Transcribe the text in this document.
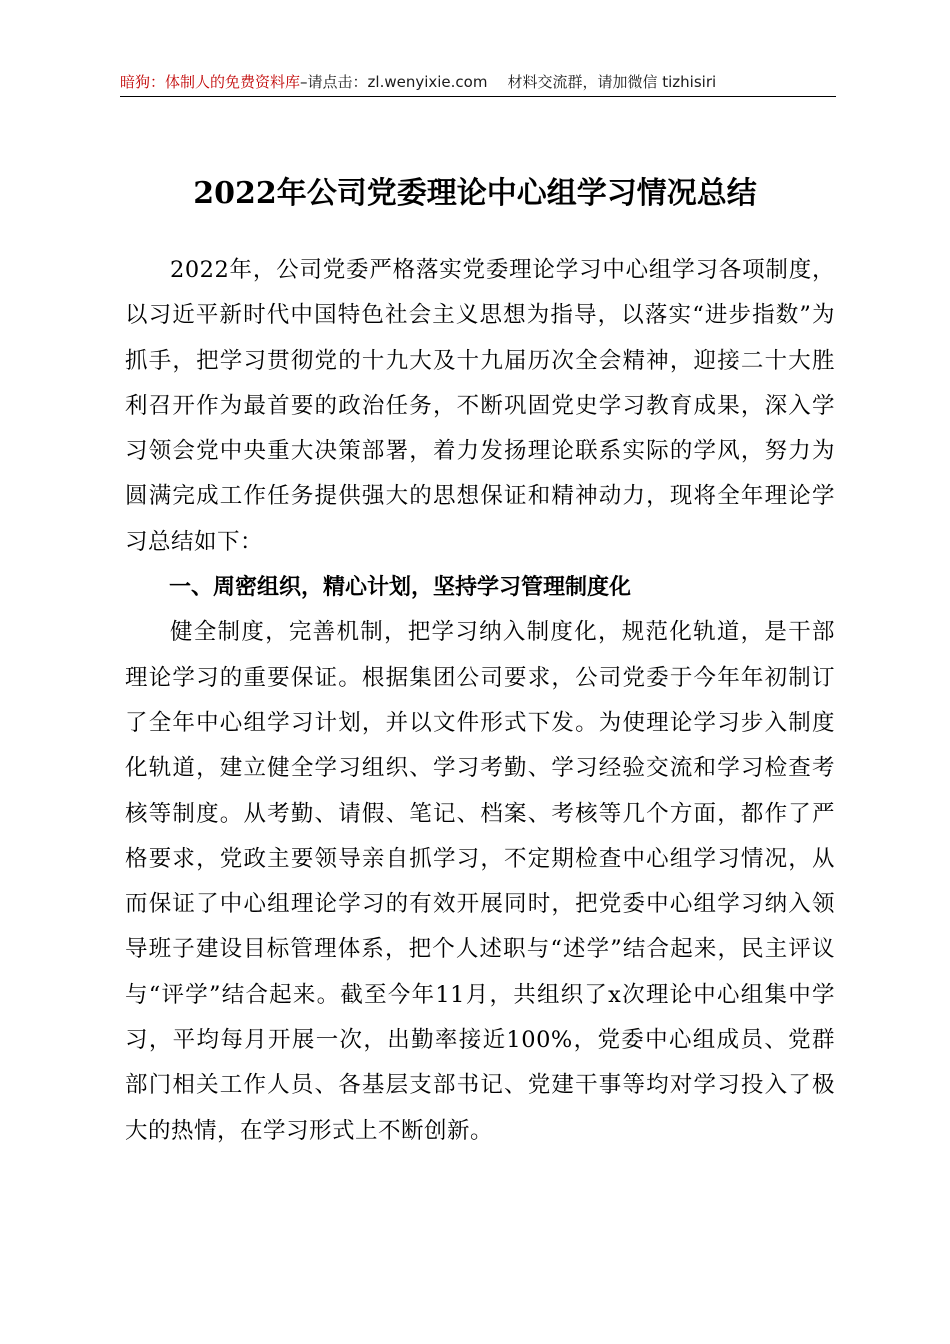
暗狗：体制人的免费资料库–请点击：zl.wenyixie.com 材料交流群，请加微信 tizhisiri
2022年公司党委理论中心组学习情况总结

2022年，公司党委严格落实党委理论学习中心组学习各项制度，以习近平新时代中国特色社会主义思想为指导，以落实“进步指数”为抓手，把学习贯彻党的十九大及十九届历次全会精神，迎接二十大胜利召开作为最首要的政治任务，不断巩固党史学习教育成果，深入学习领会党中央重大决策部署，着力发扬理论联系实际的学风，努力为圆满完成工作任务提供强大的思想保证和精神动力，现将全年理论学习总结如下：

一、周密组织，精心计划，坚持学习管理制度化

健全制度，完善机制，把学习纳入制度化，规范化轨道，是干部理论学习的重要保证。根据集团公司要求，公司党委于今年年初制订了全年中心组学习计划，并以文件形式下发。为使理论学习步入制度化轨道，建立健全学习组织、学习考勤、学习经验交流和学习检查考核等制度。从考勤、请假、笔记、档案、考核等几个方面，都作了严格要求，党政主要领导亲自抓学习，不定期检查中心组学习情况，从而保证了中心组理论学习的有效开展同时，把党委中心组学习纳入领导班子建设目标管理体系，把个人述职与“述学”结合起来，民主评议与“评学”结合起来。截至今年11月，共组织了x次理论中心组集中学习，平均每月开展一次，出勤率接近100%，党委中心组成员、党群部门相关工作人员、各基层支部书记、党建干事等均对学习投入了极大的热情，在学习形式上不断创新。
